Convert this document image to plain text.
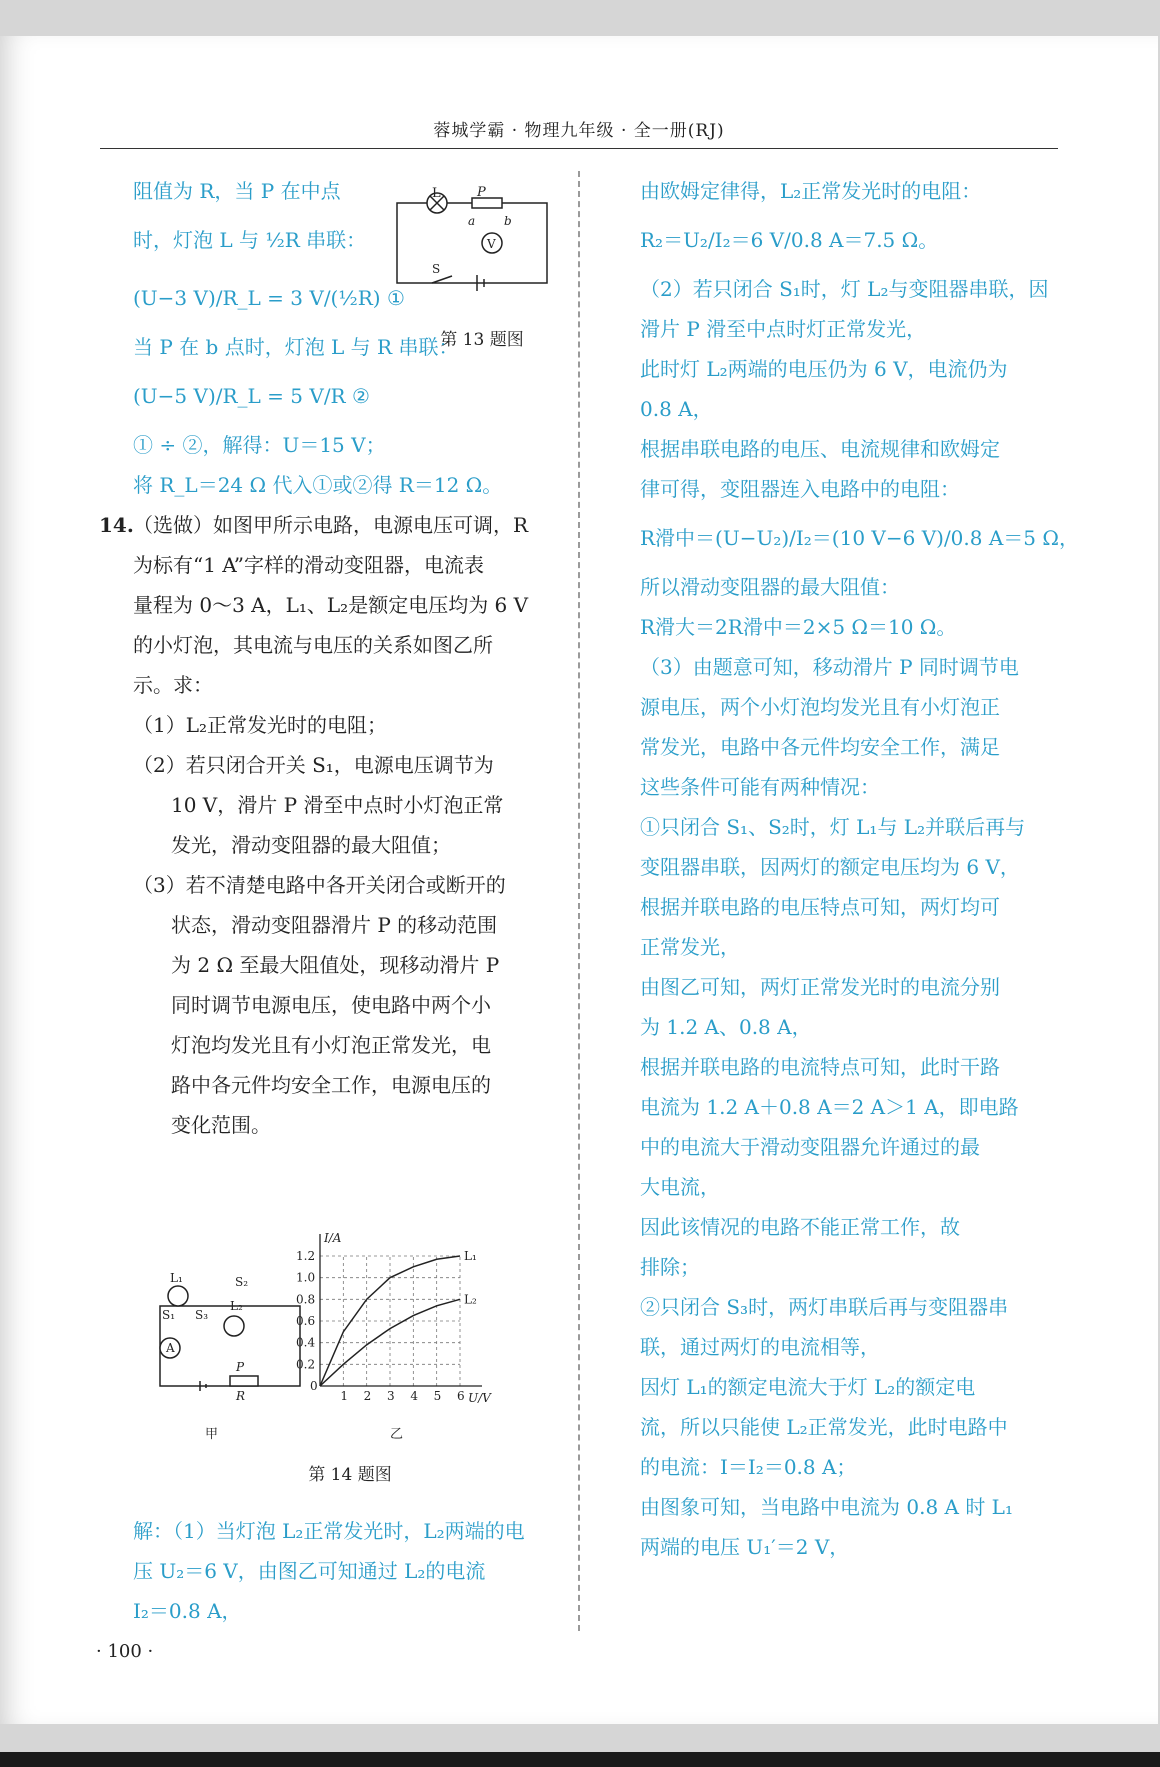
蓉城学霸 · 物理九年级 · 全一册(RJ)
阻值为 R，当 P 在中点
时，灯泡 L 与 ½R 串联：
(U−3 V)/R_L = 3 V/(½R) ①
当 P 在 b 点时，灯泡 L 与 R 串联：
(U−5 V)/R_L = 5 V/R ②
① ÷ ②，解得：U＝15 V；
将 R_L＝24 Ω 代入①或②得 R＝12 Ω。
14.（选做）如图甲所示电路，电源电压可调，R
为标有“1 A”字样的滑动变阻器，电流表
量程为 0～3 A，L₁、L₂是额定电压均为 6 V
的小灯泡，其电流与电压的关系如图乙所
示。求：
（1）L₂正常发光时的电阻；
（2）若只闭合开关 S₁，电源电压调节为
10 V，滑片 P 滑至中点时小灯泡正常
发光，滑动变阻器的最大阻值；
（3）若不清楚电路中各开关闭合或断开的
状态，滑动变阻器滑片 P 的移动范围
为 2 Ω 至最大阻值处，现移动滑片 P
同时调节电源电压，使电路中两个小
灯泡均发光且有小灯泡正常发光，电
路中各元件均安全工作，电源电压的
变化范围。
L	P
a b
V
S
第 13 题图
L₁	S₂
S₁ S₃
L₂
A
P
R
甲
1 2 3 4 5 6
0.2
0.4
0.6
0.8
1.0
1.2
0
I/A
U/V
L₁
L₂
乙
第 14 题图
由欧姆定律得，L₂正常发光时的电阻：
R₂＝U₂/I₂＝6 V/0.8 A＝7.5 Ω。
（2）若只闭合 S₁时，灯 L₂与变阻器串联，因
滑片 P 滑至中点时灯正常发光，
此时灯 L₂两端的电压仍为 6 V，电流仍为
0.8 A，
根据串联电路的电压、电流规律和欧姆定
律可得，变阻器连入电路中的电阻：
R滑中＝(U−U₂)/I₂＝(10 V−6 V)/0.8 A＝5 Ω，
所以滑动变阻器的最大阻值：
R滑大＝2R滑中＝2×5 Ω＝10 Ω。
（3）由题意可知，移动滑片 P 同时调节电
源电压，两个小灯泡均发光且有小灯泡正
常发光，电路中各元件均安全工作，满足
这些条件可能有两种情况：
①只闭合 S₁、S₂时，灯 L₁与 L₂并联后再与
变阻器串联，因两灯的额定电压均为 6 V，
根据并联电路的电压特点可知，两灯均可
正常发光，
由图乙可知，两灯正常发光时的电流分别
为 1.2 A、0.8 A，
根据并联电路的电流特点可知，此时干路
电流为 1.2 A＋0.8 A＝2 A＞1 A，即电路
中的电流大于滑动变阻器允许通过的最
大电流，
因此该情况的电路不能正常工作，故
排除；
②只闭合 S₃时，两灯串联后再与变阻器串
联，通过两灯的电流相等，
因灯 L₁的额定电流大于灯 L₂的额定电
流，所以只能使 L₂正常发光，此时电路中
的电流：I＝I₂＝0.8 A；
由图象可知，当电路中电流为 0.8 A 时 L₁
两端的电压 U₁′＝2 V，
解：（1）当灯泡 L₂正常发光时，L₂两端的电
压 U₂＝6 V，由图乙可知通过 L₂的电流
I₂＝0.8 A，
· 100 ·
